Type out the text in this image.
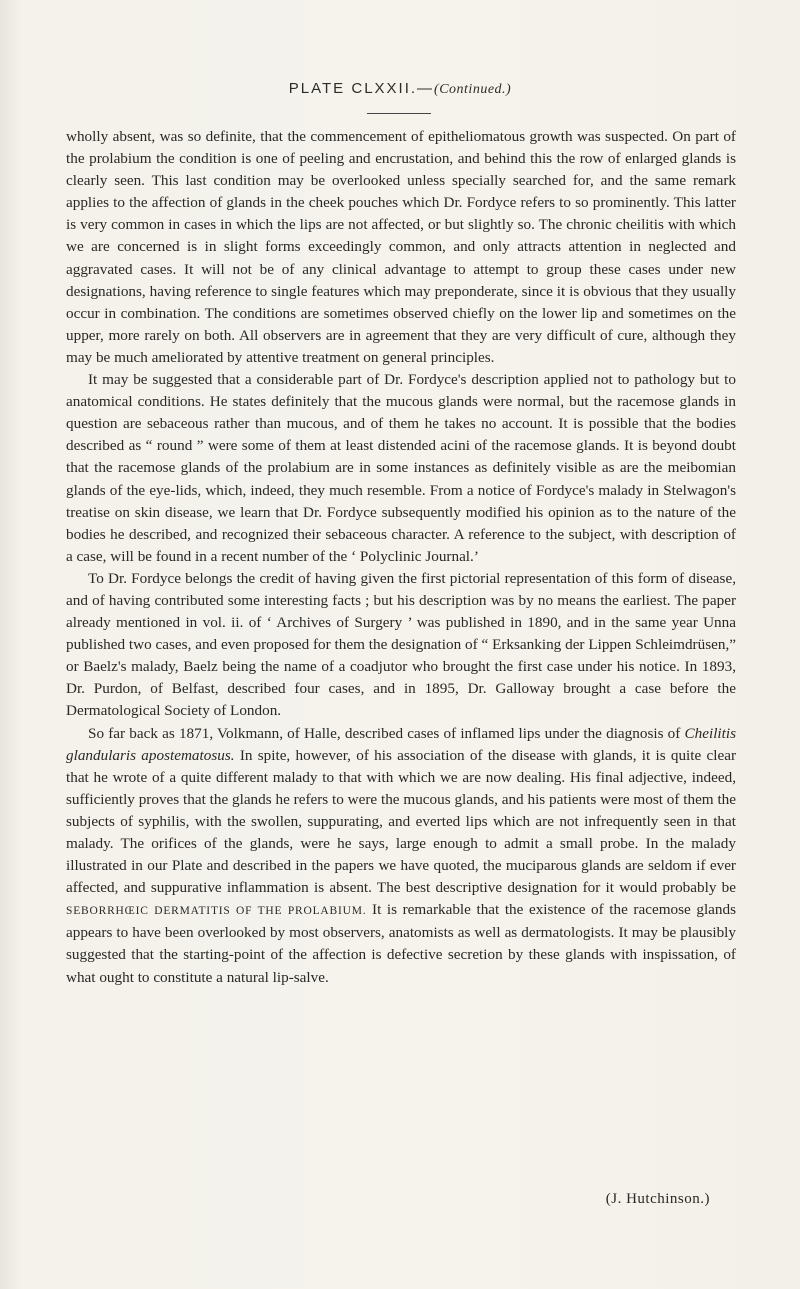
PLATE CLXXII.—(Continued.)

wholly absent, was so definite, that the commencement of epitheliomatous growth was suspected. On part of the prolabium the condition is one of peeling and encrustation, and behind this the row of enlarged glands is clearly seen. This last condition may be overlooked unless specially searched for, and the same remark applies to the affection of glands in the cheek pouches which Dr. Fordyce refers to so prominently. This latter is very common in cases in which the lips are not affected, or but slightly so. The chronic cheilitis with which we are concerned is in slight forms exceedingly common, and only attracts attention in neglected and aggravated cases. It will not be of any clinical advantage to attempt to group these cases under new designations, having reference to single features which may preponderate, since it is obvious that they usually occur in combination. The conditions are sometimes observed chiefly on the lower lip and sometimes on the upper, more rarely on both. All observers are in agreement that they are very difficult of cure, although they may be much ameliorated by attentive treatment on general principles.

It may be suggested that a considerable part of Dr. Fordyce's description applied not to pathology but to anatomical conditions. He states definitely that the mucous glands were normal, but the racemose glands in question are sebaceous rather than mucous, and of them he takes no account. It is possible that the bodies described as “ round ” were some of them at least distended acini of the racemose glands. It is beyond doubt that the racemose glands of the prolabium are in some instances as definitely visible as are the meibomian glands of the eye-lids, which, indeed, they much resemble. From a notice of Fordyce's malady in Stelwagon's treatise on skin disease, we learn that Dr. Fordyce subsequently modified his opinion as to the nature of the bodies he described, and recognized their sebaceous character. A reference to the subject, with description of a case, will be found in a recent number of the ‘ Polyclinic Journal.’

To Dr. Fordyce belongs the credit of having given the first pictorial representation of this form of disease, and of having contributed some interesting facts ; but his description was by no means the earliest. The paper already mentioned in vol. ii. of ‘ Archives of Surgery ’ was published in 1890, and in the same year Unna published two cases, and even proposed for them the designation of “ Erksanking der Lippen Schleimdrüsen,” or Baelz's malady, Baelz being the name of a coadjutor who brought the first case under his notice. In 1893, Dr. Purdon, of Belfast, described four cases, and in 1895, Dr. Galloway brought a case before the Dermatological Society of London.

So far back as 1871, Volkmann, of Halle, described cases of inflamed lips under the diagnosis of Cheilitis glandularis apostematosus. In spite, however, of his association of the disease with glands, it is quite clear that he wrote of a quite different malady to that with which we are now dealing. His final adjective, indeed, sufficiently proves that the glands he refers to were the mucous glands, and his patients were most of them the subjects of syphilis, with the swollen, suppurating, and everted lips which are not infrequently seen in that malady. The orifices of the glands, were he says, large enough to admit a small probe. In the malady illustrated in our Plate and described in the papers we have quoted, the muciparous glands are seldom if ever affected, and suppurative inflammation is absent. The best descriptive designation for it would probably be SEBORRHŒIC DERMATITIS OF THE PROLABIUM. It is remarkable that the existence of the racemose glands appears to have been overlooked by most observers, anatomists as well as dermatologists. It may be plausibly suggested that the starting-point of the affection is defective secretion by these glands with inspissation, of what ought to constitute a natural lip-salve.

(J. Hutchinson.)
